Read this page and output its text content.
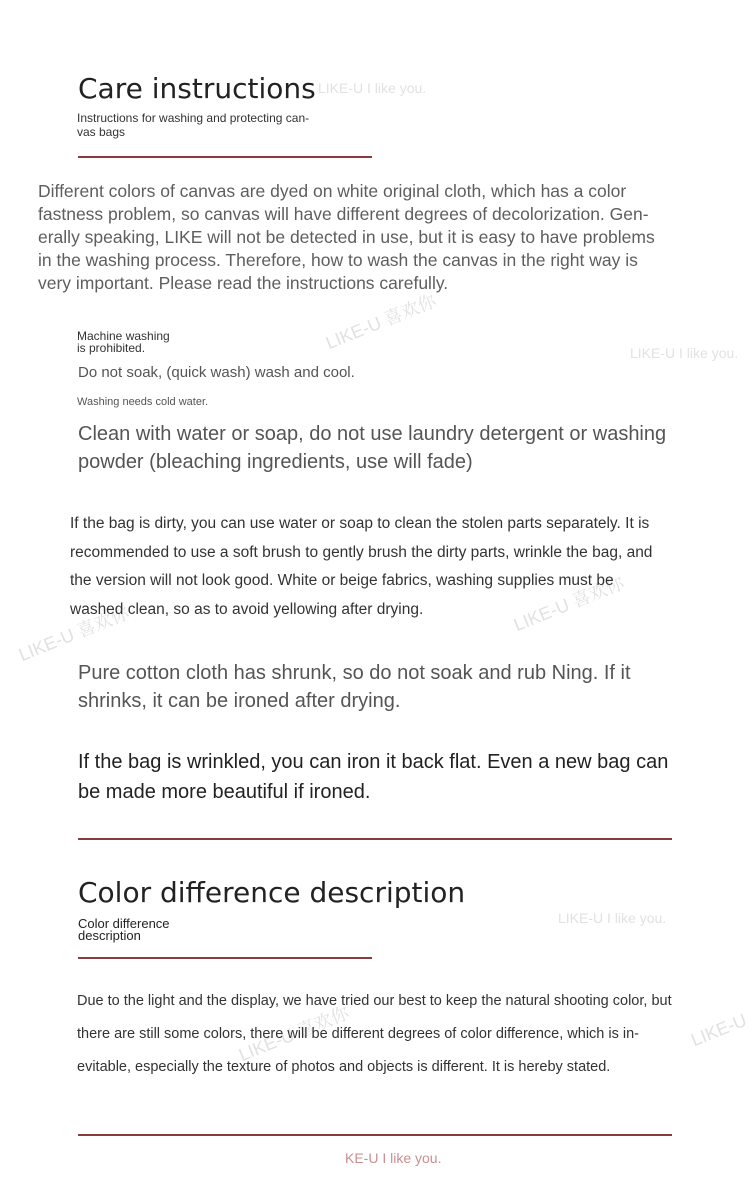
LIKE-U I like you.
LIKE-U 喜欢你	LIKE-U I like you.
LIKE-U 喜欢你	LIKE-U 喜欢你
LIKE-U I like you.
LIKE-U 喜欢你	LIKE-U
Care instructions
Instructions for washing and protecting can-
vas bags
Different colors of canvas are dyed on white original cloth, which has a color
fastness problem, so canvas will have different degrees of decolorization. Gen-
erally speaking, LIKE will not be detected in use, but it is easy to have problems
in the washing process. Therefore, how to wash the canvas in the right way is
very important. Please read the instructions carefully.
Machine washing
is prohibited.
Do not soak, (quick wash) wash and cool.
Washing needs cold water.
Clean with water or soap, do not use laundry detergent or washing
powder (bleaching ingredients, use will fade)
If the bag is dirty, you can use water or soap to clean the stolen parts separately. It is
recommended to use a soft brush to gently brush the dirty parts, wrinkle the bag, and
the version will not look good. White or beige fabrics, washing supplies must be
washed clean, so as to avoid yellowing after drying.
Pure cotton cloth has shrunk, so do not soak and rub Ning. If it
shrinks, it can be ironed after drying.
If the bag is wrinkled, you can iron it back flat. Even a new bag can
be made more beautiful if ironed.
Color difference description
Color difference
description
Due to the light and the display, we have tried our best to keep the natural shooting color, but
there are still some colors, there will be different degrees of color difference, which is in-
evitable, especially the texture of photos and objects is different. It is hereby stated.
KE-U I like you.
